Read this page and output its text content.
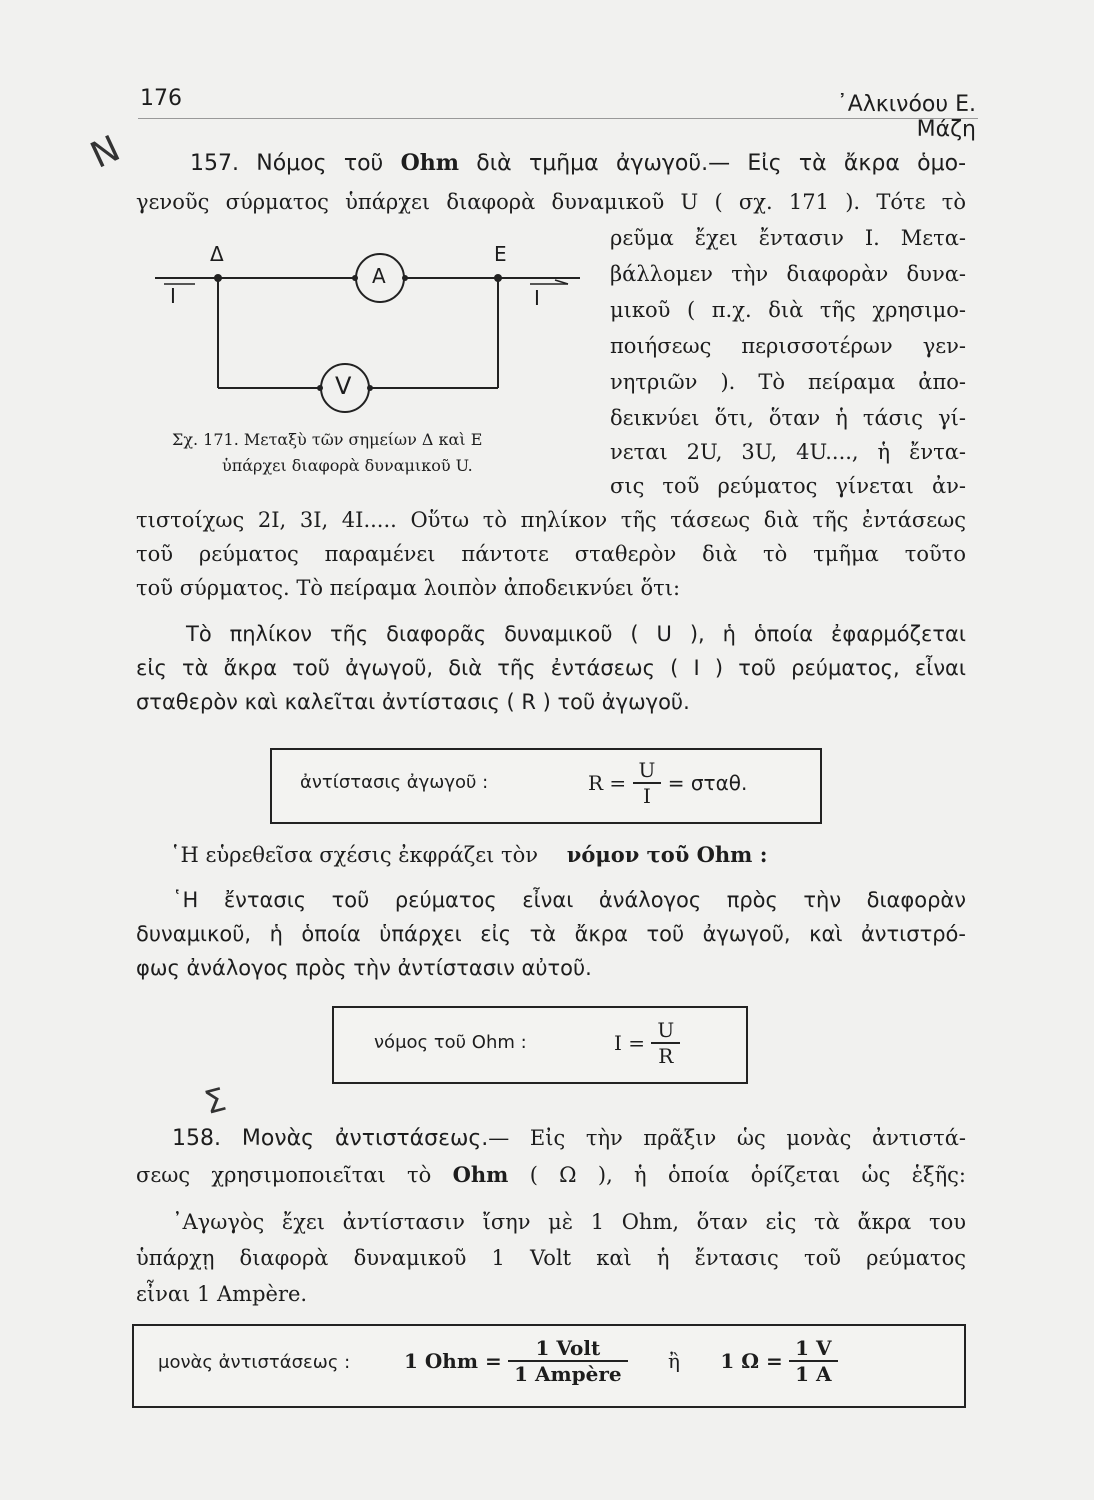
176	᾿Αλκινόου Ε. Μάζη
Ν
Σ
157. Νόμος τοῦ Ohm διὰ τμῆμα ἀγωγοῦ.— Εἰς τὰ ἄκρα ὁμο-
γενοῦς σύρματος ὑπάρχει διαφορὰ δυναμικοῦ U ( σχ. 171 ). Τότε τὸ
Δ	Ε
I	I
A
V
Σχ. 171. Μεταξὺ τῶν σημείων Δ καὶ Ε
ὑπάρχει διαφορὰ δυναμικοῦ U.
ρεῦμα ἔχει ἔντασιν I. Μετα-
βάλλομεν τὴν διαφορὰν δυνα-
μικοῦ ( π.χ. διὰ τῆς χρησιμο-
ποιήσεως περισσοτέρων γεν-
νητριῶν ). Τὸ πείραμα ἀπο-
δεικνύει ὅτι, ὅταν ἡ τάσις γί-
νεται 2U, 3U, 4U...., ἡ ἔντα-
σις τοῦ ρεύματος γίνεται ἀν-
τιστοίχως 2I, 3I, 4I..... Οὕτω τὸ πηλίκον τῆς τάσεως διὰ τῆς ἐντάσεως
τοῦ ρεύματος παραμένει πάντοτε σταθερὸν διὰ τὸ τμῆμα τοῦτο
τοῦ σύρματος. Τὸ πείραμα λοιπὸν ἀποδεικνύει ὅτι:
Τὸ πηλίκον τῆς διαφορᾶς δυναμικοῦ ( U ), ἡ ὁποία ἐφαρμόζεται
εἰς τὰ ἄκρα τοῦ ἀγωγοῦ, διὰ τῆς ἐντάσεως ( I ) τοῦ ρεύματος, εἶναι
σταθερὸν καὶ καλεῖται ἀντίστασις ( R ) τοῦ ἀγωγοῦ.
ἀντίστασις ἀγωγοῦ :	$R = \frac{U}{I} = \sigma\tau\alpha\theta$.
῾Η εὑρεθεῖσα σχέσις ἐκφράζει τὸν νόμον τοῦ Ohm :
῾Η ἔντασις τοῦ ρεύματος εἶναι ἀνάλογος πρὸς τὴν διαφορὰν
δυναμικοῦ, ἡ ὁποία ὑπάρχει εἰς τὰ ἄκρα τοῦ ἀγωγοῦ, καὶ ἀντιστρό-
φως ἀνάλογος πρὸς τὴν ἀντίστασιν αὐτοῦ.
νόμος τοῦ Ohm :	$I = \frac{U}{R}$
158. Μονὰς ἀντιστάσεως.— Εἰς τὴν πρᾶξιν ὡς μονὰς ἀντιστά-
σεως χρησιμοποιεῖται τὸ Ohm ( Ω ), ἡ ὁποία ὁρίζεται ὡς ἑξῆς:
᾿Αγωγὸς ἔχει ἀντίστασιν ἴσην μὲ 1 Ohm, ὅταν εἰς τὰ ἄκρα του
ὑπάρχῃ διαφορὰ δυναμικοῦ 1 Volt καὶ ἡ ἔντασις τοῦ ρεύματος
εἶναι 1 Ampère.
μονὰς ἀντιστάσεως :	1 Ohm = $\frac{\text{1 Volt}}{\text{1 Ampère}}$ ἢ 1 $\Omega = \frac{1 V}{1 A}$
